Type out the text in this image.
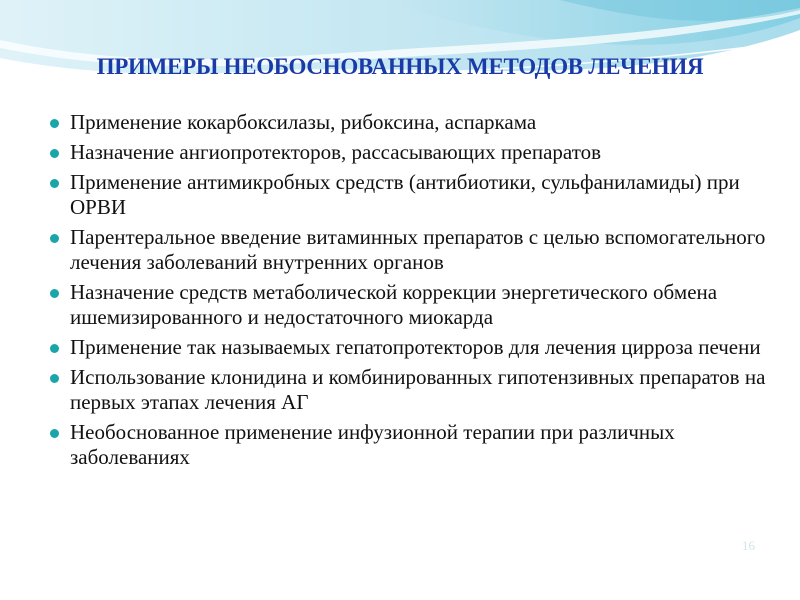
ПРИМЕРЫ НЕОБОСНОВАННЫХ МЕТОДОВ ЛЕЧЕНИЯ
Применение кокарбоксилазы, рибоксина, аспаркама
Назначение ангиопротекторов, рассасывающих препаратов
Применение антимикробных средств (антибиотики, сульфаниламиды) при ОРВИ
Парентеральное введение витаминных препаратов с целью вспомогательного лечения заболеваний внутренних органов
Назначение средств метаболической коррекции энергетического обмена ишемизированного и недостаточного миокарда
Применение так называемых гепатопротекторов для лечения цирроза печени
Использование клонидина и комбинированных гипотензивных препаратов на первых этапах лечения АГ
Необоснованное применение инфузионной терапии при различных заболеваниях
16
